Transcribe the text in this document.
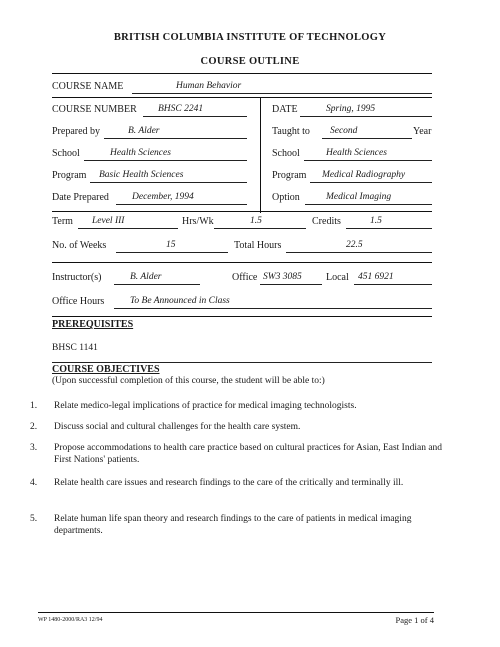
BRITISH COLUMBIA INSTITUTE OF TECHNOLOGY
COURSE OUTLINE
COURSE NAME	Human Behavior
COURSE NUMBER BHSC 2241	DATE	Spring, 1995
Prepared by	B. Alder	Taught to Second	Year
School	Health Sciences	School	Health Sciences
Program Basic Health Sciences	Program Medical Radiography
Date Prepared December, 1994	Option	Medical Imaging
Term Level III	Hrs/Wk	1.5	Credits	1.5
No. of Weeks	15	Total Hours	22.5
Instructor(s)	B. Alder	Office SW3 3085 Local 451 6921
Office Hours	To Be Announced in Class
PREREQUISITES
BHSC 1141
COURSE OBJECTIVES
(Upon successful completion of this course, the student will be able to:)
1. Relate medico-legal implications of practice for medical imaging technologists.
2. Discuss social and cultural challenges for the health care system.
3. Propose accommodations to health care practice based on cultural practices for Asian, East Indian and First Nations' patients.
4. Relate health care issues and research findings to the care of the critically and terminally ill.
5. Relate human life span theory and research findings to the care of patients in medical imaging departments.
WP 1480-2000/RA3 12/94	Page 1 of 4
